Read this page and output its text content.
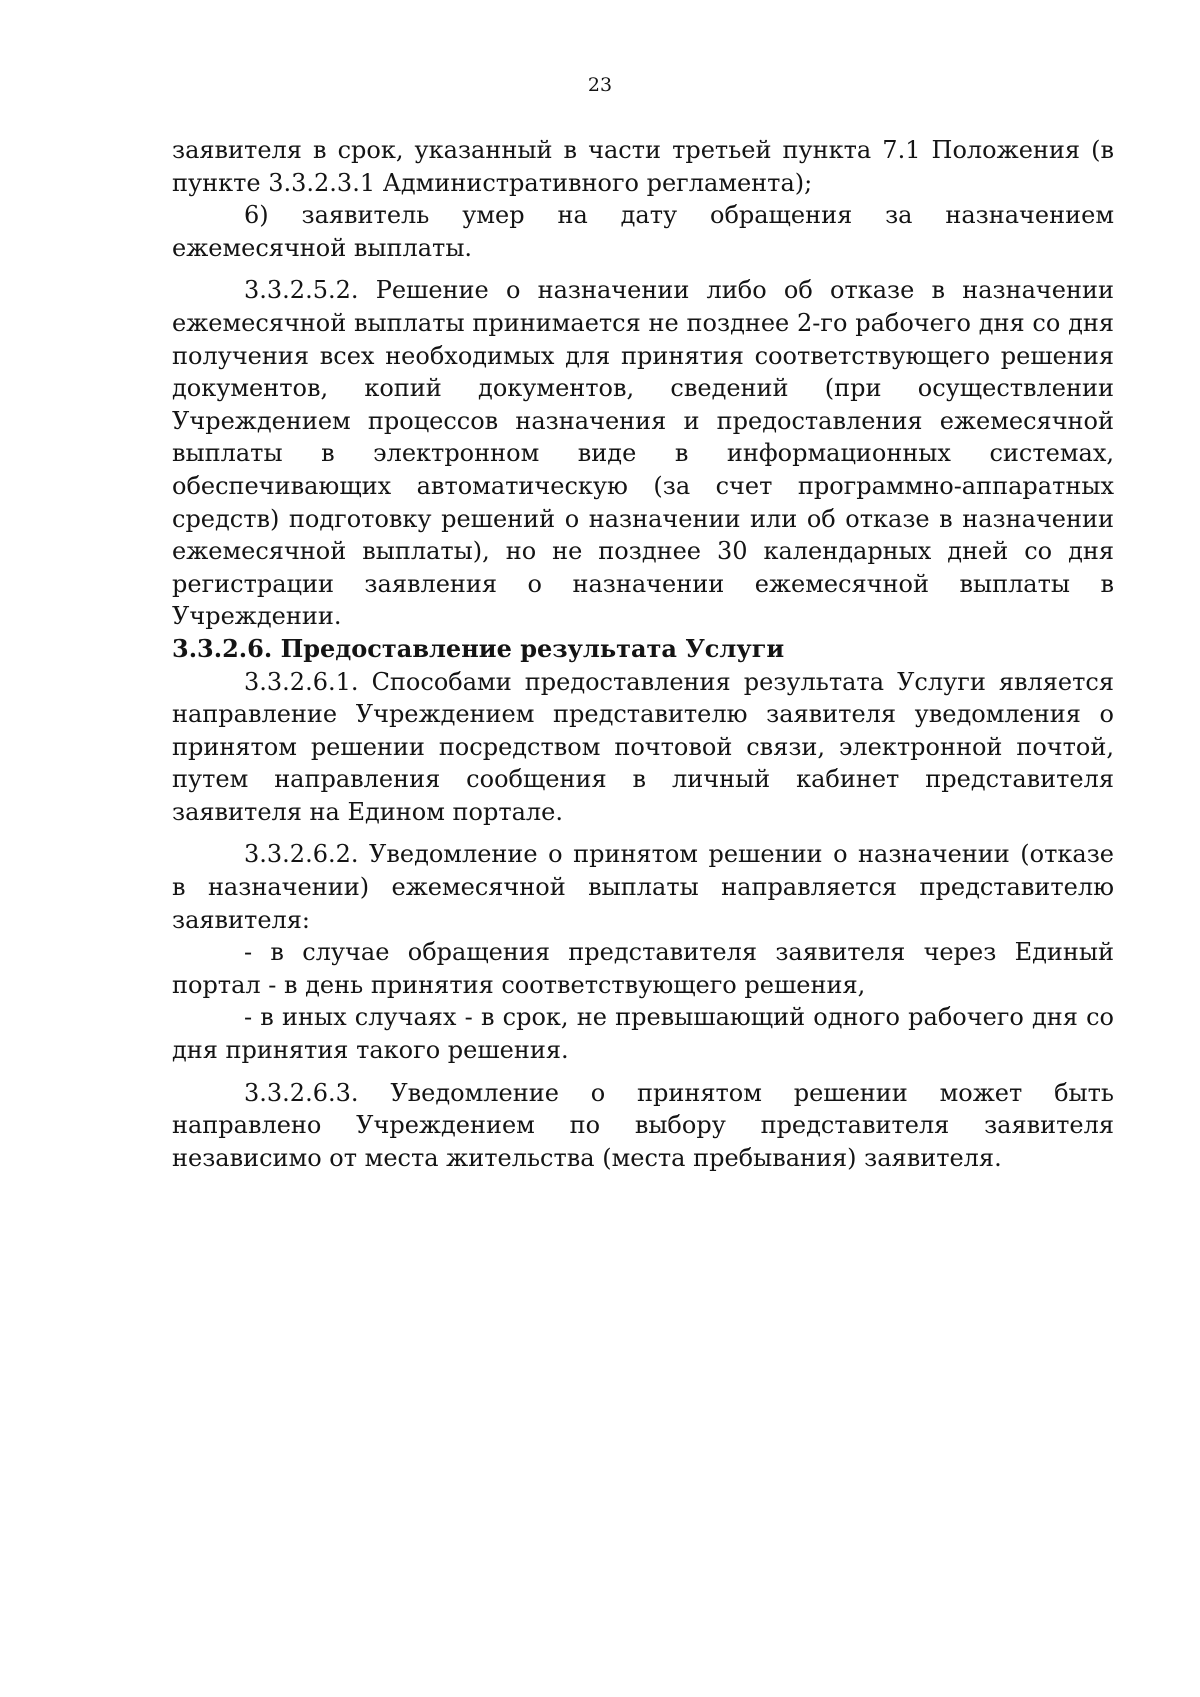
23

заявителя в срок, указанный в части третьей пункта 7.1 Положения (в пункте 3.3.2.3.1 Административного регламента);

6) заявитель умер на дату обращения за назначением ежемесячной выплаты.

3.3.2.5.2. Решение о назначении либо об отказе в назначении ежемесячной выплаты принимается не позднее 2-го рабочего дня со дня получения всех необходимых для принятия соответствующего решения документов, копий документов, сведений (при осуществлении Учреждением процессов назначения и предоставления ежемесячной выплаты в электронном виде в информационных системах, обеспечивающих автоматическую (за счет программно-аппаратных средств) подготовку решений о назначении или об отказе в назначении ежемесячной выплаты), но не позднее 30 календарных дней со дня регистрации заявления о назначении ежемесячной выплаты в Учреждении.

3.3.2.6. Предоставление результата Услуги

3.3.2.6.1. Способами предоставления результата Услуги является направление Учреждением представителю заявителя уведомления о принятом решении посредством почтовой связи, электронной почтой, путем направления сообщения в личный кабинет представителя заявителя на Едином портале.

3.3.2.6.2. Уведомление о принятом решении о назначении (отказе в назначении) ежемесячной выплаты направляется представителю заявителя:

- в случае обращения представителя заявителя через Единый портал - в день принятия соответствующего решения,

- в иных случаях - в срок, не превышающий одного рабочего дня со дня принятия такого решения.

3.3.2.6.3. Уведомление о принятом решении может быть направлено Учреждением по выбору представителя заявителя независимо от места жительства (места пребывания) заявителя.
